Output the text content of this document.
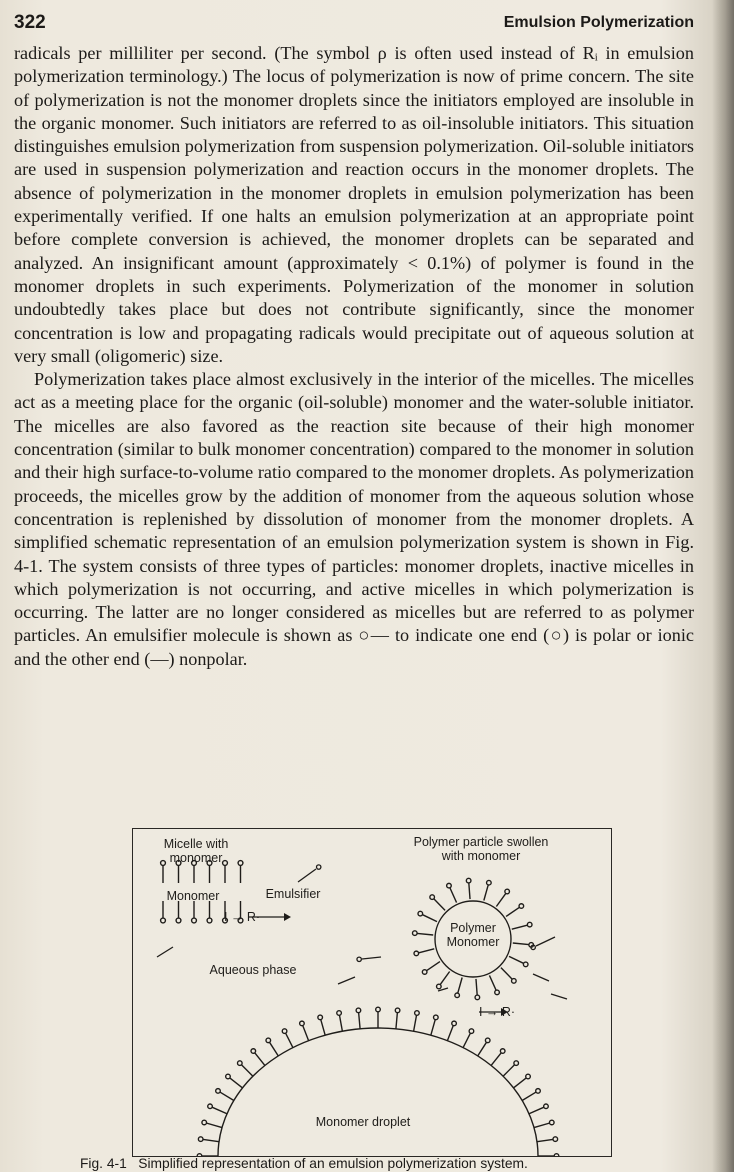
322	Emulsion Polymerization

radicals per milliliter per second. (The symbol ρ is often used instead of Rᵢ in emulsion polymerization terminology.) The locus of polymerization is now of prime concern. The site of polymerization is not the monomer droplets since the initiators employed are insoluble in the organic monomer. Such initiators are referred to as oil-insoluble initiators. This situation distinguishes emulsion polymerization from suspension polymerization. Oil-soluble initiators are used in suspension polymerization and reaction occurs in the monomer droplets. The absence of polymerization in the monomer droplets in emulsion polymerization has been experimentally verified. If one halts an emulsion polymerization at an appropriate point before complete conversion is achieved, the monomer droplets can be separated and analyzed. An insignificant amount (approximately < 0.1%) of polymer is found in the monomer droplets in such experiments. Polymerization of the monomer in solution undoubtedly takes place but does not contribute significantly, since the monomer concentration is low and propagating radicals would precipitate out of aqueous solution at very small (oligomeric) size.

Polymerization takes place almost exclusively in the interior of the micelles. The micelles act as a meeting place for the organic (oil-soluble) monomer and the water-soluble initiator. The micelles are also favored as the reaction site because of their high monomer concentration (similar to bulk monomer concentration) compared to the monomer in solution and their high surface-to-volume ratio compared to the monomer droplets. As polymerization proceeds, the micelles grow by the addition of monomer from the aqueous solution whose concentration is replenished by dissolution of monomer from the monomer droplets. A simplified schematic representation of an emulsion polymerization system is shown in Fig. 4-1. The system consists of three types of particles: monomer droplets, inactive micelles in which polymerization is not occurring, and active micelles in which polymerization is occurring. The latter are no longer considered as micelles but are referred to as polymer particles. An emulsifier molecule is shown as ○— to indicate one end (○) is polar or ionic and the other end (—) nonpolar.

Micelle with
monomer
Monomer	Emulsifier
Polymer particle swollen
with monomer
Polymer
Monomer
I → R·
Aqueous phase
I → R·
Monomer droplet
Fig. 4-1 Simplified representation of an emulsion polymerization system.
